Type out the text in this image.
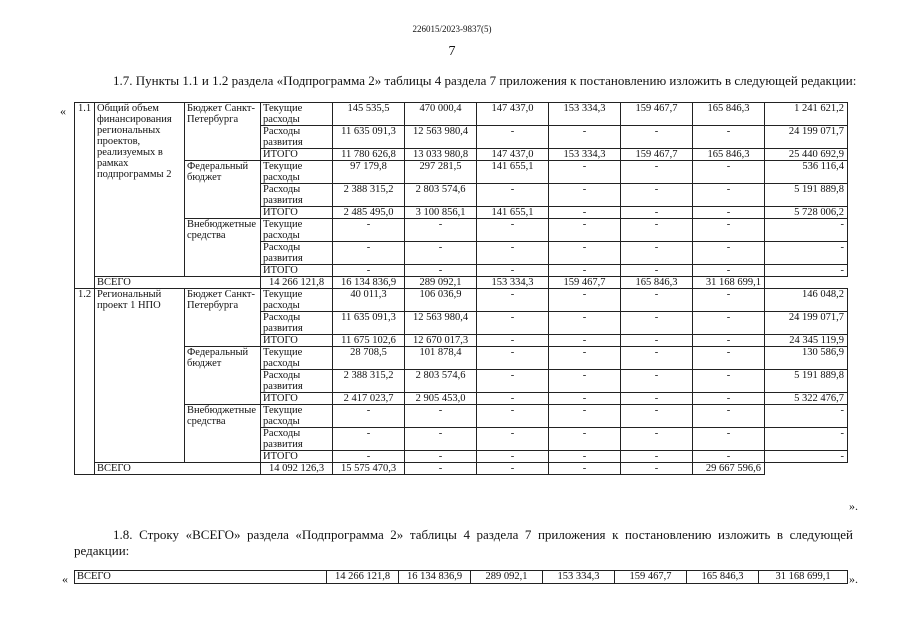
226015/2023-9837(5)
7
1.7. Пункты 1.1 и 1.2 раздела «Подпрограмма 2» таблицы 4 раздела 7 приложения к постановлению изложить в следующей редакции:
« 1.1	Общий объем финансирования региональных проектов, реализуемых в рамках подпрограммы 2	Бюджет Санкт-Петербурга	Текущие расходы	145 535,5	470 000,4	147 437,0	153 334,3	159 467,7	165 846,3	1 241 621,2
			Расходы развития	11 635 091,3	12 563 980,4	-	-	-	-	24 199 071,7
			ИТОГО	11 780 626,8	13 033 980,8	147 437,0	153 334,3	159 467,7	165 846,3	25 440 692,9
		Федеральный бюджет	Текущие расходы	97 179,8	297 281,5	141 655,1	-	-	-	536 116,4
			Расходы развития	2 388 315,2	2 803 574,6	-	-	-	-	5 191 889,8
			ИТОГО	2 485 495,0	3 100 856,1	141 655,1	-	-	-	5 728 006,2
		Внебюджетные средства	Текущие расходы	-	-	-	-	-	-	-
			Расходы развития	-	-	-	-	-	-	-
			ИТОГО	-	-	-	-	-	-	-
	ВСЕГО		14 266 121,8	16 134 836,9	289 092,1	153 334,3	159 467,7	165 846,3	31 168 699,1	
1.2	Региональный проект 1 НПО	Бюджет Санкт-Петербурга	Текущие расходы	40 011,3	106 036,9	-	-	-	-	146 048,2
			Расходы развития	11 635 091,3	12 563 980,4	-	-	-	-	24 199 071,7
			ИТОГО	11 675 102,6	12 670 017,3	-	-	-	-	24 345 119,9
		Федеральный бюджет	Текущие расходы	28 708,5	101 878,4	-	-	-	-	130 586,9
			Расходы развития	2 388 315,2	2 803 574,6	-	-	-	-	5 191 889,8
			ИТОГО	2 417 023,7	2 905 453,0	-	-	-	-	5 322 476,7
		Внебюджетные средства	Текущие расходы	-	-	-	-	-	-	-
			Расходы развития	-	-	-	-	-	-	-
			ИТОГО	-	-	-	-	-	-	-
	ВСЕГО		14 092 126,3	15 575 470,3	-	-	-	-	29 667 596,6	
».
1.8. Строку «ВСЕГО» раздела «Подпрограмма 2» таблицы 4 раздела 7 приложения к постановлению изложить в следующей
редакции:
« ВСЕГО	14 266 121,8	16 134 836,9	289 092,1	153 334,3	159 467,7	165 846,3	31 168 699,1 ».
